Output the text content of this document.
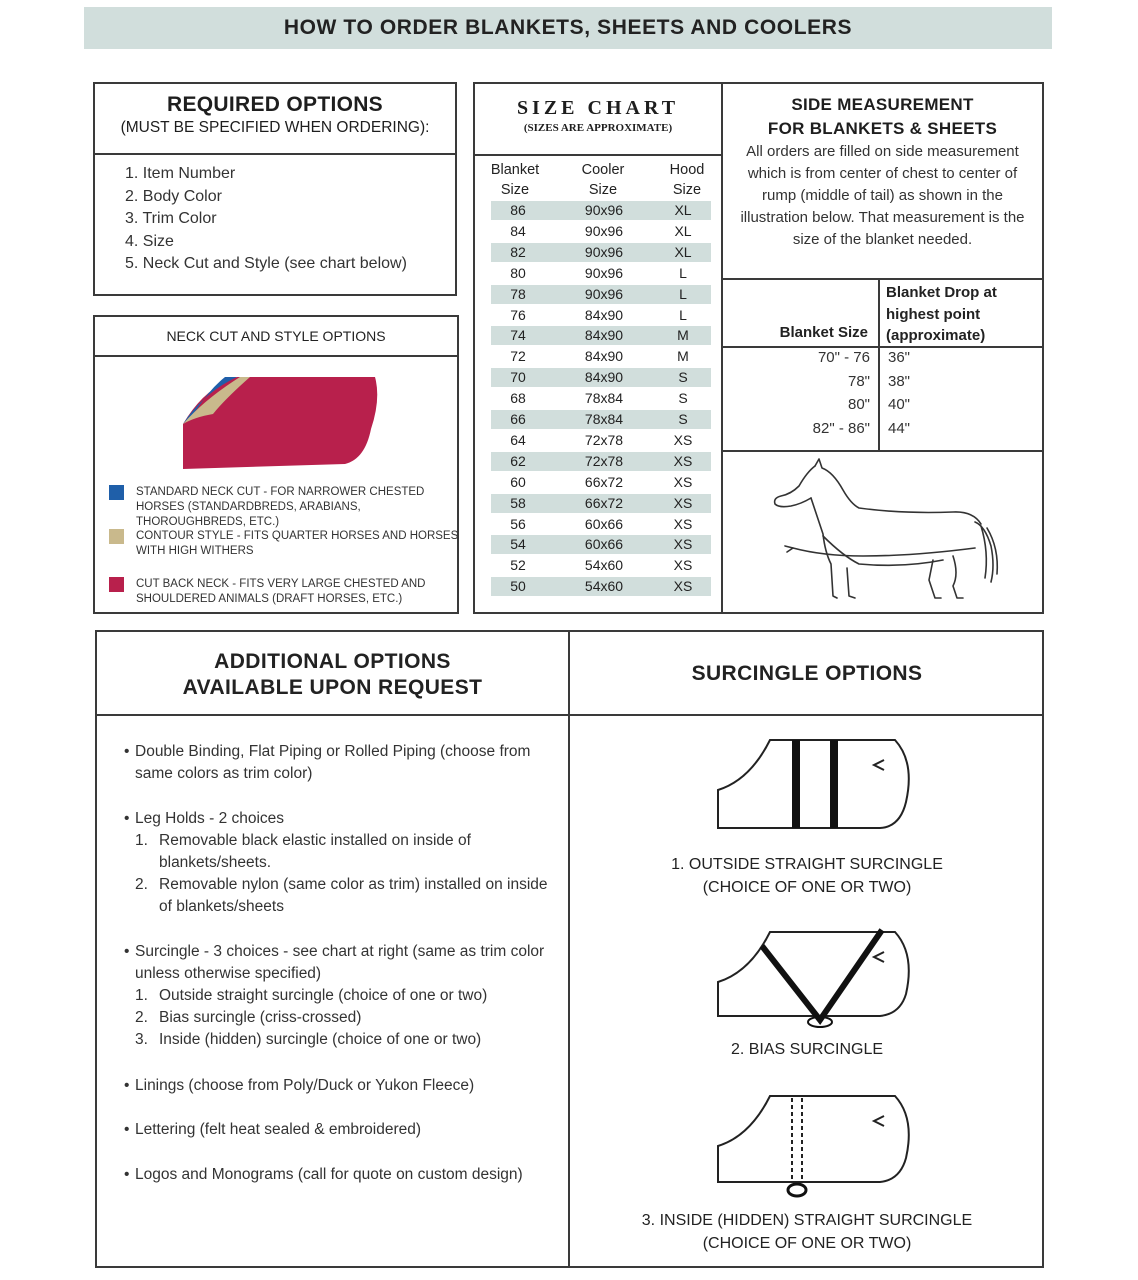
HOW TO ORDER BLANKETS, SHEETS AND COOLERS
REQUIRED OPTIONS
(MUST BE SPECIFIED WHEN ORDERING):
1. Item Number
2. Body Color
3. Trim Color
4. Size
5. Neck Cut and Style (see chart below)
NECK CUT AND STYLE OPTIONS
STANDARD NECK CUT - FOR NARROWER CHESTED HORSES (STANDARDBREDS, ARABIANS, THOROUGHBREDS, ETC.)
CONTOUR STYLE - FITS QUARTER HORSES AND HORSES WITH HIGH WITHERS
CUT BACK NECK - FITS VERY LARGE CHESTED AND SHOULDERED ANIMALS (DRAFT HORSES, ETC.)
SIZE CHART
(SIZES ARE APPROXIMATE)
Blanket Size
Cooler Size
Hood Size
86	90x96	XL
84	90x96	XL
82	90x96	XL
80	90x96	L
78	90x96	L
76	84x90	L
74	84x90	M
72	84x90	M
70	84x90	S
68	78x84	S
66	78x84	S
64	72x78	XS
62	72x78	XS
60	66x72	XS
58	66x72	XS
56	60x66	XS
54	60x66	XS
52	54x60	XS
50	54x60	XS
SIDE MEASUREMENT
FOR BLANKETS & SHEETS
All orders are filled on side measurement which is from center of chest to center of rump (middle of tail) as shown in the illustration below. That measurement is the size of the blanket needed.
Blanket Size
Blanket Drop at highest point (approximate)
70" - 76 36"
78" 38"
80" 40"
82" - 86" 44"
ADDITIONAL OPTIONS
AVAILABLE UPON REQUEST
SURCINGLE OPTIONS
• Double Binding, Flat Piping or Rolled Piping (choose from same colors as trim color)
• Leg Holds - 2 choices
1. Removable black elastic installed on inside of blankets/sheets.
2. Removable nylon (same color as trim) installed on inside of blankets/sheets
• Surcingle - 3 choices - see chart at right (same as trim color unless otherwise specified)
1. Outside straight surcingle (choice of one or two)
2. Bias surcingle (criss-crossed)
3. Inside (hidden) surcingle (choice of one or two)
• Linings (choose from Poly/Duck or Yukon Fleece)
• Lettering (felt heat sealed & embroidered)
• Logos and Monograms (call for quote on custom design)
1. OUTSIDE STRAIGHT SURCINGLE
(CHOICE OF ONE OR TWO)
2. BIAS SURCINGLE
3. INSIDE (HIDDEN) STRAIGHT SURCINGLE
(CHOICE OF ONE OR TWO)
